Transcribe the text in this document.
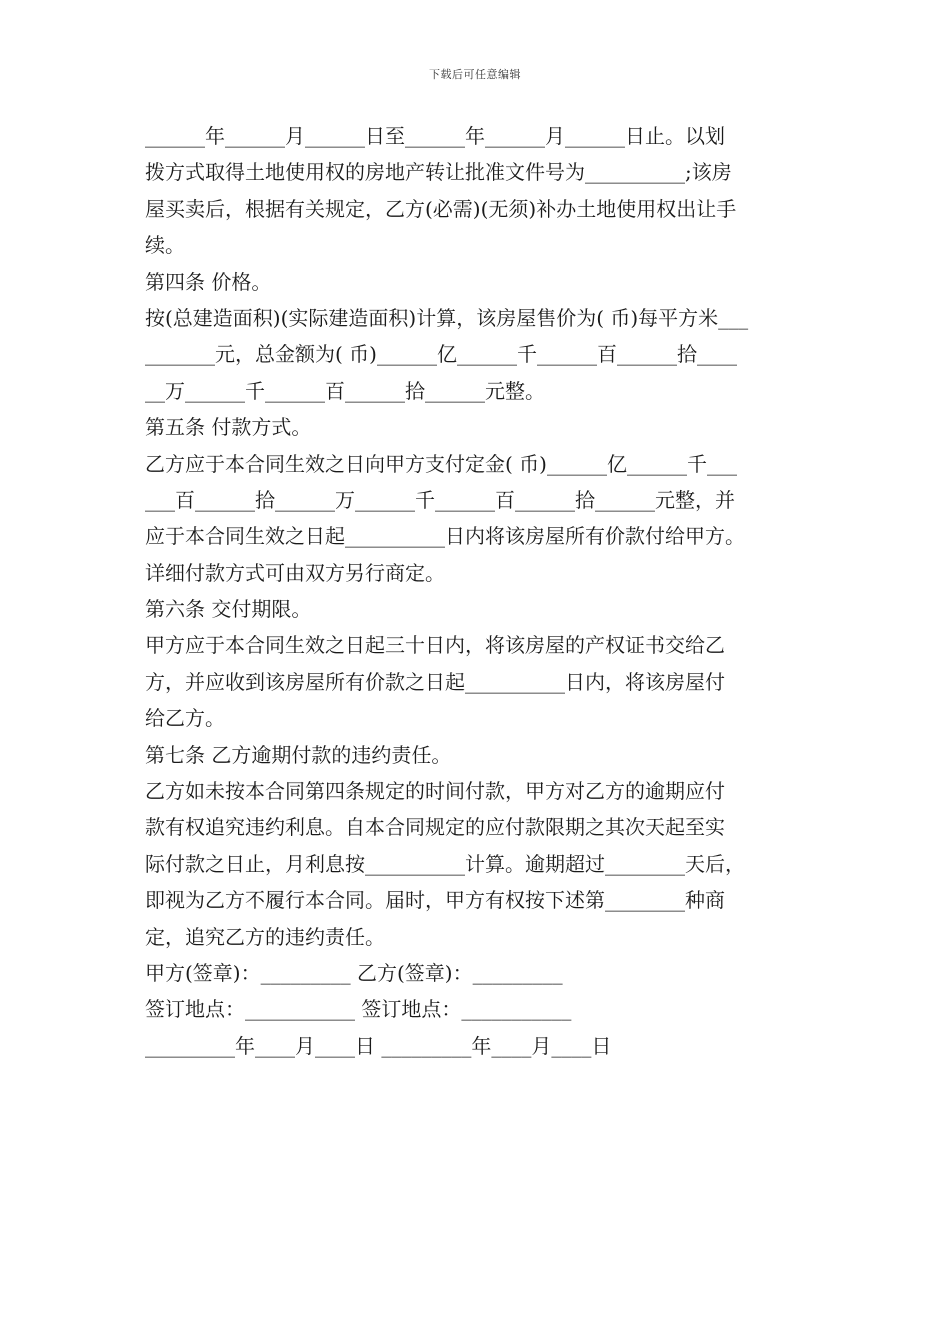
下载后可任意编辑
______年______月______日至______年______月______日止。以划
拨方式取得土地使用权的房地产转让批准文件号为__________;该房
屋买卖后，根据有关规定，乙方(必需)(无须)补办土地使用权出让手
续。
第四条 价格。
按(总建造面积)(实际建造面积)计算，该房屋售价为( 币)每平方米___
_______元，总金额为( 币)______亿______千______百______拾____
__万______千______百______拾______元整。
第五条 付款方式。
乙方应于本合同生效之日向甲方支付定金( 币)______亿______千___
___百______拾______万______千______百______拾______元整，并
应于本合同生效之日起__________日内将该房屋所有价款付给甲方。
详细付款方式可由双方另行商定。
第六条 交付期限。
甲方应于本合同生效之日起三十日内，将该房屋的产权证书交给乙
方，并应收到该房屋所有价款之日起__________日内，将该房屋付
给乙方。
第七条 乙方逾期付款的违约责任。
乙方如未按本合同第四条规定的时间付款，甲方对乙方的逾期应付
款有权追究违约利息。自本合同规定的应付款限期之其次天起至实
际付款之日止，月利息按__________计算。逾期超过________天后，
即视为乙方不履行本合同。届时，甲方有权按下述第________种商
定，追究乙方的违约责任。
甲方(签章)：_________ 乙方(签章)：_________
签订地点：___________ 签订地点：___________
_________年____月____日 _________年____月____日
